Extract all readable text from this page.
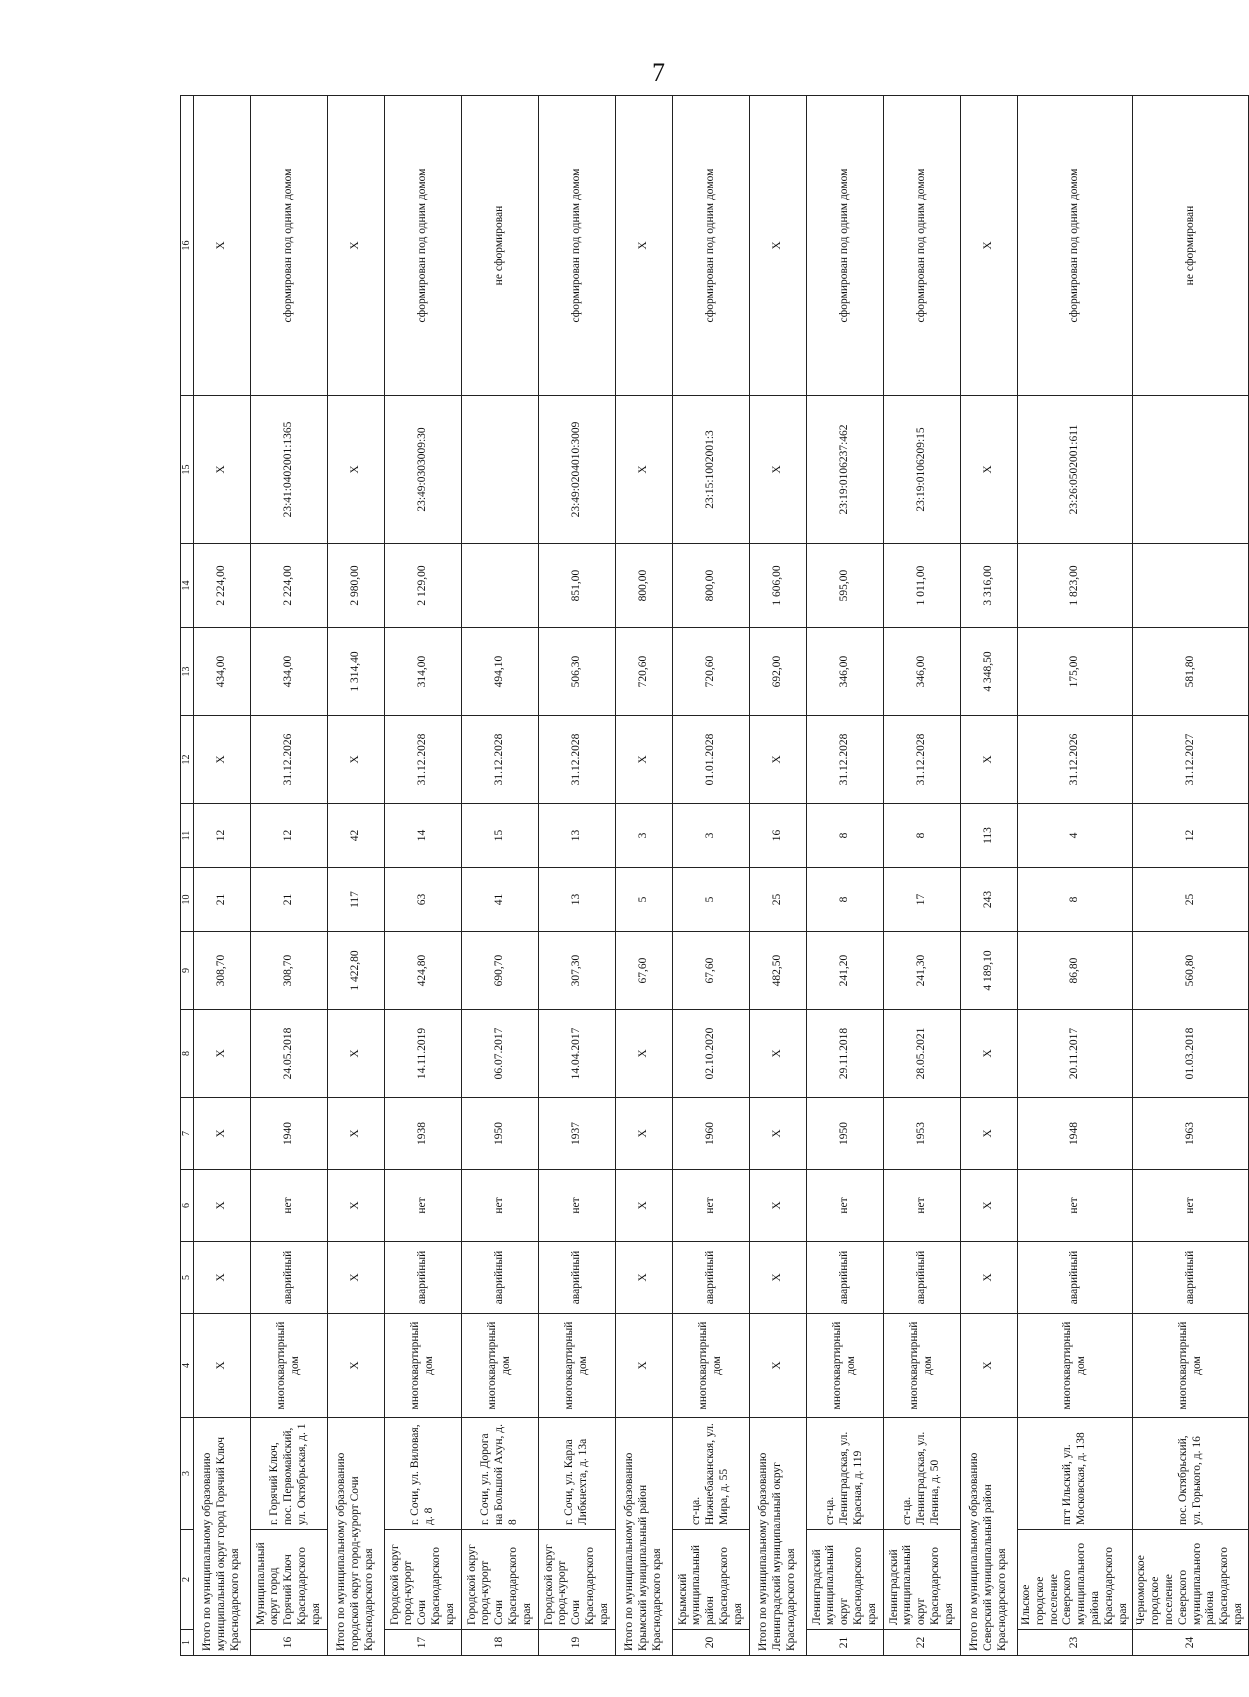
7
1	2	3	4	5	6	7	8	9	10	11	12	13	14	15	16
Итого по муниципальному образованию муниципальный округ город Горячий Ключ Краснодарского края			X	X	X	X	X	308,70	21	12	X	434,00	2 224,00	X	X
16	Муниципальный округ город Горячий Ключ Краснодарского края	г. Горячий Ключ, пос. Первомайский, ул. Октябрьская, д. 1	многоквартирный дом	аварийный	нет	1940	24.05.2018	308,70	21	12	31.12.2026	434,00	2 224,00	23:41:0402001:1365	сформирован под одним домом
Итого по муниципальному образованию городской округ город-курорт Сочи Краснодарского края			X	X	X	X	X	1 422,80	117	42	X	1 314,40	2 980,00	X	X
17	Городской округ город-курорт Сочи Краснодарского края	г. Сочи, ул. Виловая, д. 8	многоквартирный дом	аварийный	нет	1938	14.11.2019	424,80	63	14	31.12.2028	314,00	2 129,00	23:49:0303009:30	сформирован под одним домом
18	Городской округ город-курорт Сочи Краснодарского края	г. Сочи, ул. Дорога на Большой Ахун, д. 8	многоквартирный дом	аварийный	нет	1950	06.07.2017	690,70	41	15	31.12.2028	494,10			не сформирован
19	Городской округ город-курорт Сочи Краснодарского края	г. Сочи, ул. Карла Либкнехта, д. 13а	многоквартирный дом	аварийный	нет	1937	14.04.2017	307,30	13	13	31.12.2028	506,30	851,00	23:49:0204010:3009	сформирован под одним домом
Итого по муниципальному образованию Крымский муниципальный район Краснодарского края			X	X	X	X	X	67,60	5	3	X	720,60	800,00	X	X
20	Крымский муниципальный район Краснодарского края	ст-ца. Нижнебаканская, ул. Мира, д. 55	многоквартирный дом	аварийный	нет	1960	02.10.2020	67,60	5	3	01.01.2028	720,60	800,00	23:15:1002001:3	сформирован под одним домом
Итого по муниципальному образованию Ленинградский муниципальный округ Краснодарского края			X	X	X	X	X	482,50	25	16	X	692,00	1 606,00	X	X
21	Ленинградский муниципальный округ Краснодарского края	ст-ца. Ленинградская, ул. Красная, д. 119	многоквартирный дом	аварийный	нет	1950	29.11.2018	241,20	8	8	31.12.2028	346,00	595,00	23:19:0106237:462	сформирован под одним домом
22	Ленинградский муниципальный округ Краснодарского края	ст-ца. Ленинградская, ул. Ленина, д. 50	многоквартирный дом	аварийный	нет	1953	28.05.2021	241,30	17	8	31.12.2028	346,00	1 011,00	23:19:0106209:15	сформирован под одним домом
Итого по муниципальному образованию Северский муниципальный район Краснодарского края			X	X	X	X	X	4 189,10	243	113	X	4 348,50	3 316,00	X	X
23	Ильское городское поселение Северского муниципального района Краснодарского края	пгт Ильский, ул. Московская, д. 138	многоквартирный дом	аварийный	нет	1948	20.11.2017	86,80	8	4	31.12.2026	175,00	1 823,00	23:26:0502001:611	сформирован под одним домом
24	Черноморское городское поселение Северского муниципального района Краснодарского края	пос. Октябрьский, ул. Горького, д. 16	многоквартирный дом	аварийный	нет	1963	01.03.2018	560,80	25	12	31.12.2027	581,80			не сформирован
